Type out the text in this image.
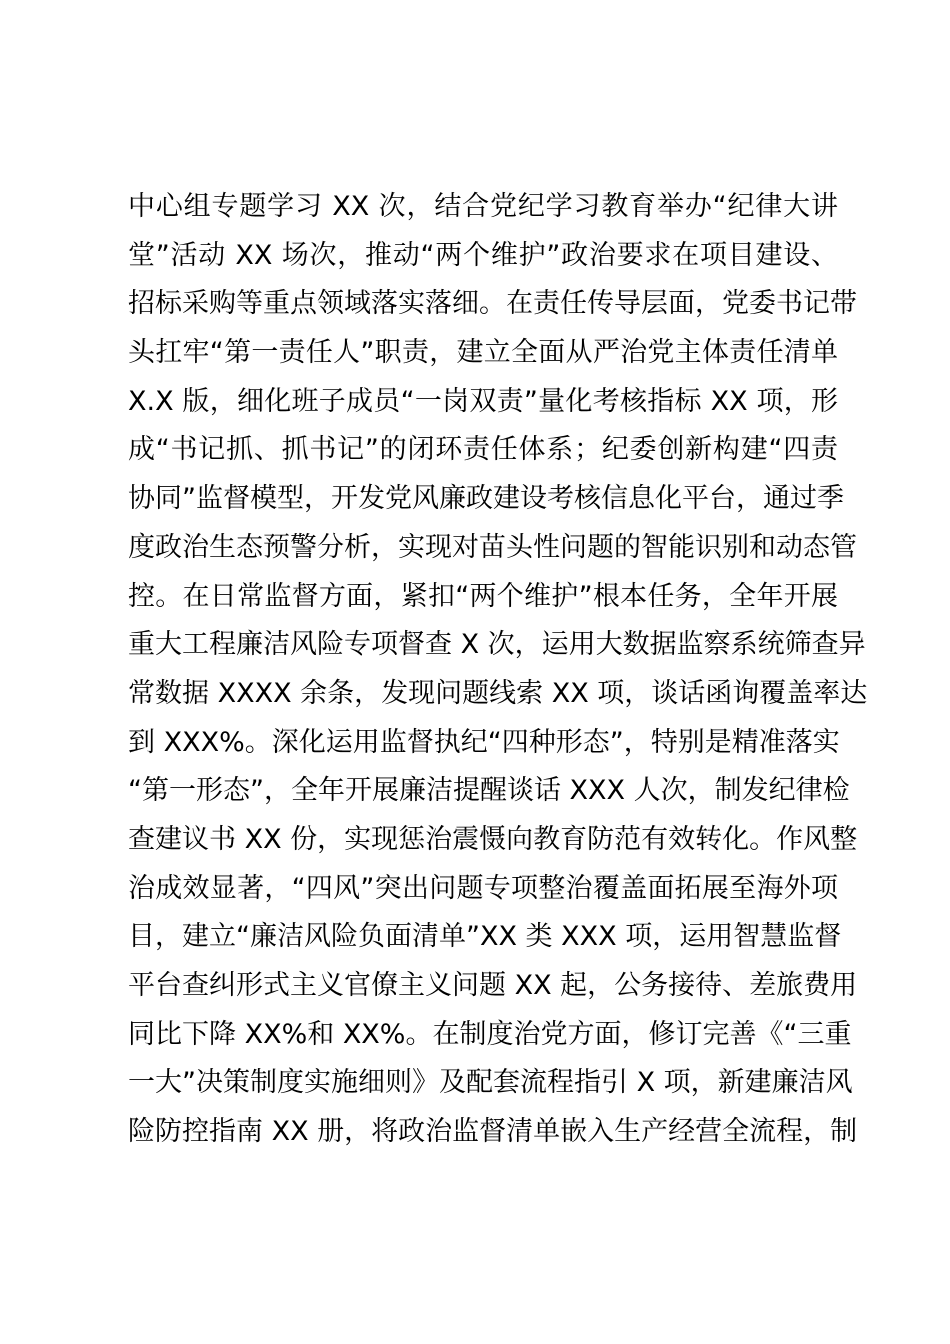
中心组专题学习 XX 次，结合党纪学习教育举办“纪律大讲
堂”活动 XX 场次，推动“两个维护”政治要求在项目建设、
招标采购等重点领域落实落细。在责任传导层面，党委书记带
头扛牢“第一责任人”职责，建立全面从严治党主体责任清单
X.X 版，细化班子成员“一岗双责”量化考核指标 XX 项，形
成“书记抓、抓书记”的闭环责任体系；纪委创新构建“四责
协同”监督模型，开发党风廉政建设考核信息化平台，通过季
度政治生态预警分析，实现对苗头性问题的智能识别和动态管
控。在日常监督方面，紧扣“两个维护”根本任务，全年开展
重大工程廉洁风险专项督查 X 次，运用大数据监察系统筛查异
常数据 XXXX 余条，发现问题线索 XX 项，谈话函询覆盖率达
到 XXX%。深化运用监督执纪“四种形态”，特别是精准落实
“第一形态”，全年开展廉洁提醒谈话 XXX 人次，制发纪律检
查建议书 XX 份，实现惩治震慑向教育防范有效转化。作风整
治成效显著，“四风”突出问题专项整治覆盖面拓展至海外项
目，建立“廉洁风险负面清单”XX 类 XXX 项，运用智慧监督
平台查纠形式主义官僚主义问题 XX 起，公务接待、差旅费用
同比下降 XX%和 XX%。在制度治党方面，修订完善《“三重
一大”决策制度实施细则》及配套流程指引 X 项，新建廉洁风
险防控指南 XX 册，将政治监督清单嵌入生产经营全流程，制
